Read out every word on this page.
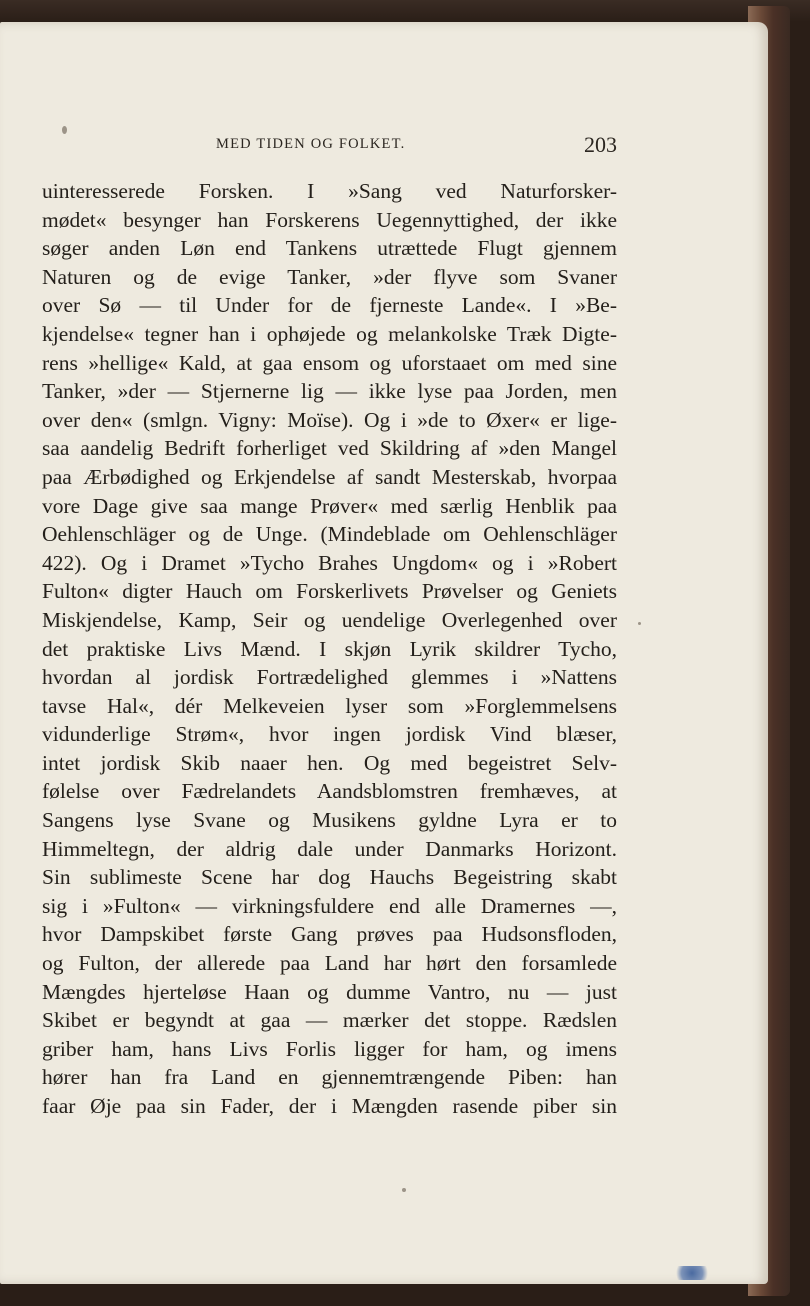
MED TIDEN OG FOLKET.	203
uinteresserede Forsken. I »Sang ved Naturforsker-
mødet« besynger han Forskerens Uegennyttighed, der ikke
søger anden Løn end Tankens utrættede Flugt gjennem
Naturen og de evige Tanker, »der flyve som Svaner
over Sø — til Under for de fjerneste Lande«. I »Be-
kjendelse« tegner han i ophøjede og melankolske Træk Digte-
rens »hellige« Kald, at gaa ensom og uforstaaet om med sine
Tanker, »der — Stjernerne lig — ikke lyse paa Jorden, men
over den« (smlgn. Vigny: Moïse). Og i »de to Øxer« er lige-
saa aandelig Bedrift forherliget ved Skildring af »den Mangel
paa Ærbødighed og Erkjendelse af sandt Mesterskab, hvorpaa
vore Dage give saa mange Prøver« med særlig Henblik paa
Oehlenschläger og de Unge. (Mindeblade om Oehlenschläger
422). Og i Dramet »Tycho Brahes Ungdom« og i »Robert
Fulton« digter Hauch om Forskerlivets Prøvelser og Geniets
Miskjendelse, Kamp, Seir og uendelige Overlegenhed over
det praktiske Livs Mænd. I skjøn Lyrik skildrer Tycho,
hvordan al jordisk Fortrædelighed glemmes i »Nattens
tavse Hal«, dér Melkeveien lyser som »Forglemmelsens
vidunderlige Strøm«, hvor ingen jordisk Vind blæser,
intet jordisk Skib naaer hen. Og med begeistret Selv-
følelse over Fædrelandets Aandsblomstren fremhæves, at
Sangens lyse Svane og Musikens gyldne Lyra er to
Himmeltegn, der aldrig dale under Danmarks Horizont.
Sin sublimeste Scene har dog Hauchs Begeistring skabt
sig i »Fulton« — virkningsfuldere end alle Dramernes —,
hvor Dampskibet første Gang prøves paa Hudsonsfloden,
og Fulton, der allerede paa Land har hørt den forsamlede
Mængdes hjerteløse Haan og dumme Vantro, nu — just
Skibet er begyndt at gaa — mærker det stoppe. Rædslen
griber ham, hans Livs Forlis ligger for ham, og imens
hører han fra Land en gjennemtrængende Piben: han
faar Øje paa sin Fader, der i Mængden rasende piber sin
